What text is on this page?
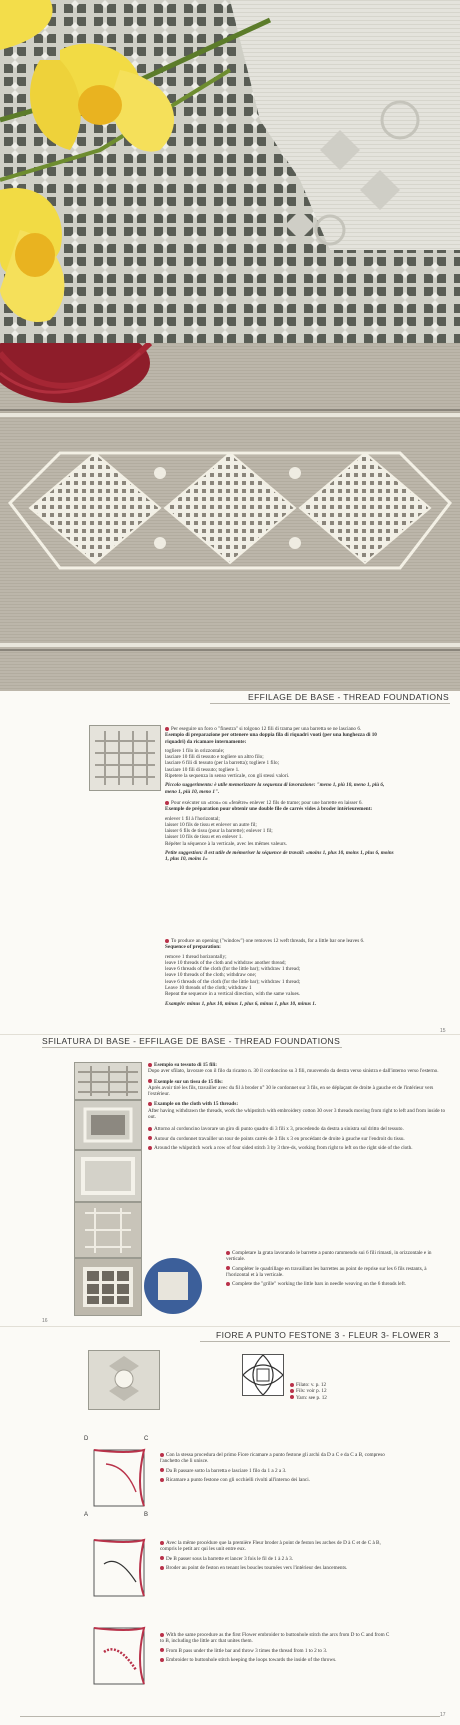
EFFILAGE DE BASE - THREAD FOUNDATIONS

Per eseguire un foro o "finestra" si tolgono 12 fili di trama per una barretta se ne lasciano 6.

Esempio di preparazione per ottenere una doppia fila di riquadri vuoti (per una lunghezza di 10 riquadri) da ricamare internamente:

togliere 1 filo in orizzontale;

lasciare 10 fili di tessuto e togliere un altro filo;

lasciare 6 fili di tessuto (per la barretta); togliere 1 filo;

lasciare 10 fili di tessuto; togliere 1.

Ripetere la sequenza in senso verticale, con gli stessi valori.

Piccolo suggerimento: è utile memorizzare la sequenza di lavorazione: "meno 1, più 10, meno 1, più 6, meno 1, più 10, meno 1".

Pour exécuter un «trou» ou «fenêtre» enlever 12 fils de trame; pour une barrette en laisser 6.

Exemple de préparation pour obtenir une double file de carrés vides à broder intérieurement:

enlever 1 fil à l'horizontal;

laisser 10 fils de tissu et enlever un autre fil;

laisser 6 fils de tissu (pour la barrette); enlever 1 fil;

laisser 10 fils de tissu et en enlever 1.

Répéter la séquence à la verticale, avec les mêmes valeurs.

Petite suggestion: il est utile de mémoriser la séquence de travail: «moins 1, plus 10, moins 1, plus 6, moins 1, plus 10, moins 1»

To produce an opening ("window") one removes 12 weft threads, for a little bar one leaves 6.

Sequence of preparation:

remove 1 thread horizontally;

leave 10 threads of the cloth and withdraw another thread;

leave 6 threads of the cloth (for the little bar); withdraw 1 thread;

leave 10 threads of the cloth; withdraw one;

leave 6 threads of the cloth (for the little bar); withdraw 1 thread;

Leave 10 threads of the cloth; withdraw 1

Repeat the sequence in a vertical direction, with the same values.

Example: minus 1, plus 10, minus 1, plus 6, minus 1, plus 10, minus 1.

15
SFILATURA DI BASE - EFFILAGE DE BASE - THREAD FOUNDATIONS

Esempio su tessuto di 15 fili:

Dopo aver sfilato, lavorare con il filo da ricamo n. 30 il cordoncino su 3 fili, muovendo da destra verso sinistra e dall'interno verso l'esterno.

Exemple sur un tissu de 15 fils:

Après avoir tiré les fils, travailler avec du fil à broder n° 30 le cordonnet sur 3 fils, en se déplaçant de droite à gauche et de l'intérieur vers l'extérieur.

Example on the cloth with 15 threads:

After having withdrawn the threads, work the whipstitch with embroidery cotton 30 over 3 threads moving from right to left and from inside to out.

Attorno al cordoncino lavorare un giro di punto quadro di 3 fili x 3, procedendo da destra a sinistra sul dritto del tessuto.

Autour du cordonnet travailler un tour de points carrés de 3 fils x 3 en procédant de droite à gauche sur l'endroit du tissu.

Around the whipstitch work a row of four sided stitch 3 by 3 thre-ds, working from right to left on the right side of the cloth.

Completare la grata lavorando le barrette a punto rammendo sui 6 fili rimasti, in orizzontale e in verticale.

Compléter le quadrillage en travaillant les barrettes au point de reprise sur les 6 fils restants, à l'horizontal et à la verticale.

Complete the "grille" working the little bars in needle weaving on the 6 threads left.

16
FIORE A PUNTO FESTONE 3 - FLEUR 3- FLOWER 3

Filato: v. p. 12

Fils: voir p. 12

Yarn: see p. 12

D	C
A	B

Con la stessa procedura del primo Fiore ricamare a punto festone gli archi da D a C e da C a B, compreso l'anchetto che li unisce.

Da B passare sotto la barretta e lasciare 1 filo da 1 a 2 a 3.

Ricamare a punto festone con gli occhielli rivolti all'interno dei lanci.

Avec la même procédure que la première Fleur broder à point de feston les arches de D à C et de C à B, compris le petit arc qui les unit entre eux.

De B passer sous la barrette et lancer 3 fois le fil de 1 à 2 à 3.

Broder au point de feston en tenant les boucles tournées vers l'intérieur des lancements.

With the same procedure as the first Flower embroider to buttonhole stitch the arcs from D to C and from C to B, including the little arc that unites them.

From B pass under the little bar and throw 3 times the thread from 1 to 2 to 3.

Embroider to buttonhole stitch keeping the loops towards the inside of the throws.

17
